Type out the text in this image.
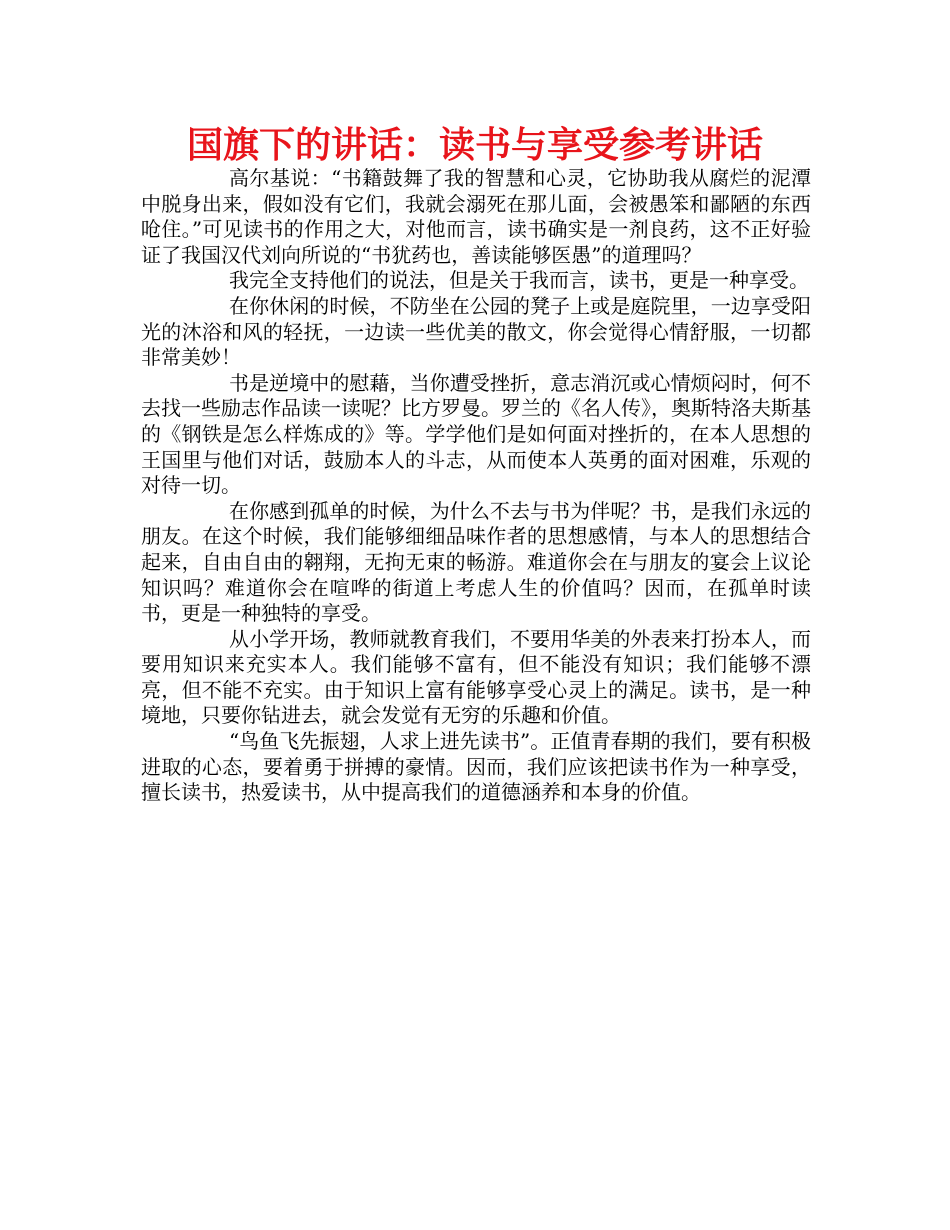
国旗下的讲话：读书与享受参考讲话

高尔基说：“书籍鼓舞了我的智慧和心灵，它协助我从腐烂的泥潭中脱身出来，假如没有它们，我就会溺死在那儿面，会被愚笨和鄙陋的东西呛住。”可见读书的作用之大，对他而言，读书确实是一剂良药，这不正好验证了我国汉代刘向所说的“书犹药也，善读能够医愚”的道理吗？

我完全支持他们的说法，但是关于我而言，读书，更是一种享受。

在你休闲的时候，不防坐在公园的凳子上或是庭院里，一边享受阳光的沐浴和风的轻抚，一边读一些优美的散文，你会觉得心情舒服，一切都非常美妙！

书是逆境中的慰藉，当你遭受挫折，意志消沉或心情烦闷时，何不去找一些励志作品读一读呢？比方罗曼。罗兰的《名人传》，奥斯特洛夫斯基的《钢铁是怎么样炼成的》等。学学他们是如何面对挫折的，在本人思想的王国里与他们对话，鼓励本人的斗志，从而使本人英勇的面对困难，乐观的对待一切。

在你感到孤单的时候，为什么不去与书为伴呢？书，是我们永远的朋友。在这个时候，我们能够细细品味作者的思想感情，与本人的思想结合起来，自由自由的翱翔，无拘无束的畅游。难道你会在与朋友的宴会上议论知识吗？难道你会在喧哗的街道上考虑人生的价值吗？因而，在孤单时读书，更是一种独特的享受。

从小学开场，教师就教育我们，不要用华美的外表来打扮本人，而要用知识来充实本人。我们能够不富有，但不能没有知识；我们能够不漂亮，但不能不充实。由于知识上富有能够享受心灵上的满足。读书，是一种境地，只要你钻进去，就会发觉有无穷的乐趣和价值。

“鸟鱼飞先振翅，人求上进先读书”。正值青春期的我们，要有积极进取的心态，要着勇于拼搏的豪情。因而，我们应该把读书作为一种享受，擅长读书，热爱读书，从中提高我们的道德涵养和本身的价值。
